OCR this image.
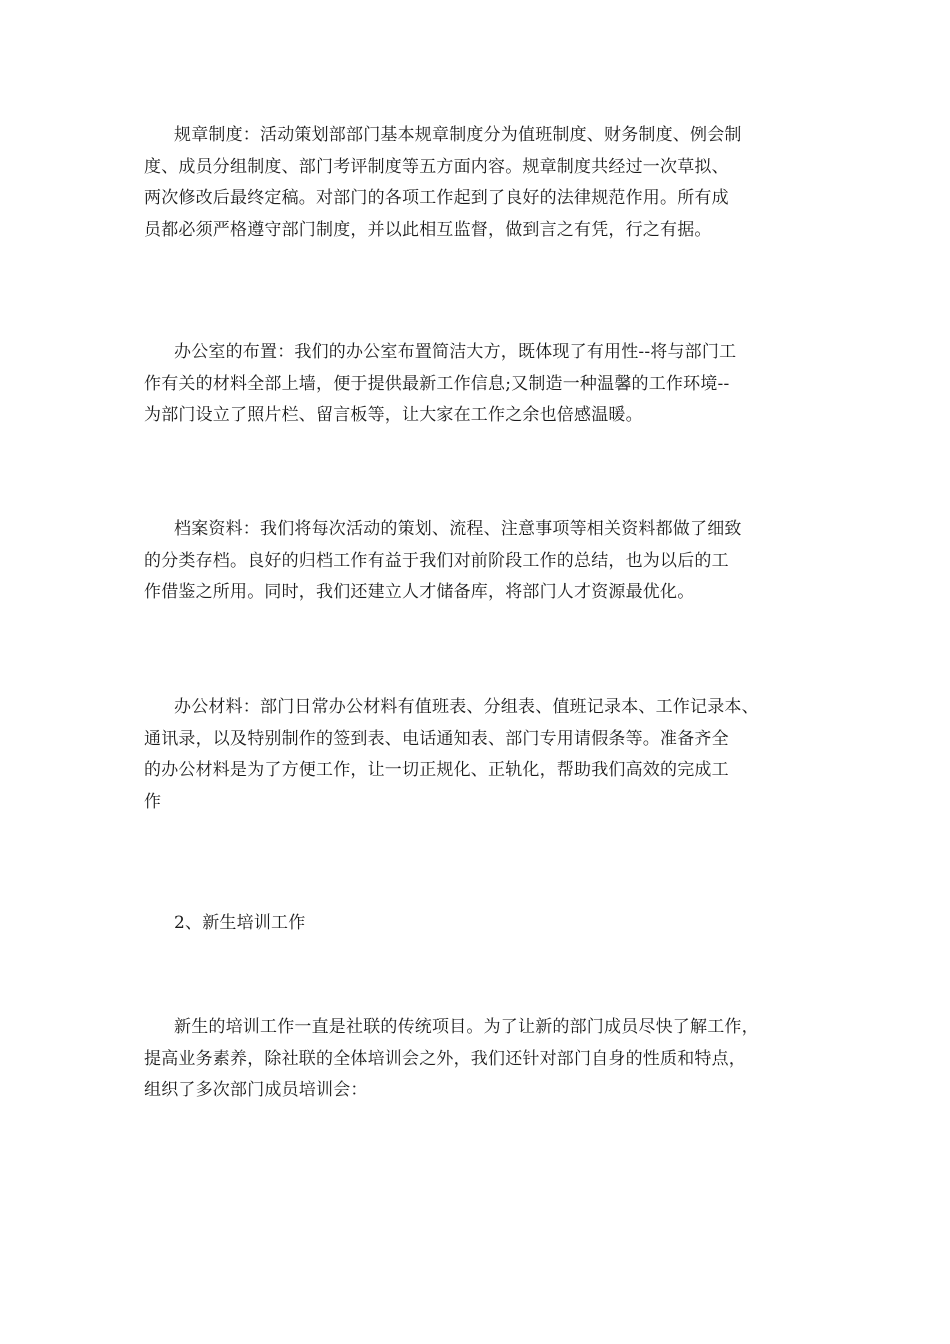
规章制度：活动策划部部门基本规章制度分为值班制度、财务制度、例会制
度、成员分组制度、部门考评制度等五方面内容。规章制度共经过一次草拟、
两次修改后最终定稿。对部门的各项工作起到了良好的法律规范作用。所有成
员都必须严格遵守部门制度，并以此相互监督，做到言之有凭，行之有据。
办公室的布置：我们的办公室布置简洁大方，既体现了有用性--将与部门工
作有关的材料全部上墙，便于提供最新工作信息;又制造一种温馨的工作环境--
为部门设立了照片栏、留言板等，让大家在工作之余也倍感温暖。
档案资料：我们将每次活动的策划、流程、注意事项等相关资料都做了细致
的分类存档。良好的归档工作有益于我们对前阶段工作的总结，也为以后的工
作借鉴之所用。同时，我们还建立人才储备库，将部门人才资源最优化。
办公材料：部门日常办公材料有值班表、分组表、值班记录本、工作记录本、
通讯录，以及特别制作的签到表、电话通知表、部门专用请假条等。准备齐全
的办公材料是为了方便工作，让一切正规化、正轨化，帮助我们高效的完成工
作
2、新生培训工作
新生的培训工作一直是社联的传统项目。为了让新的部门成员尽快了解工作，
提高业务素养，除社联的全体培训会之外，我们还针对部门自身的性质和特点，
组织了多次部门成员培训会：
